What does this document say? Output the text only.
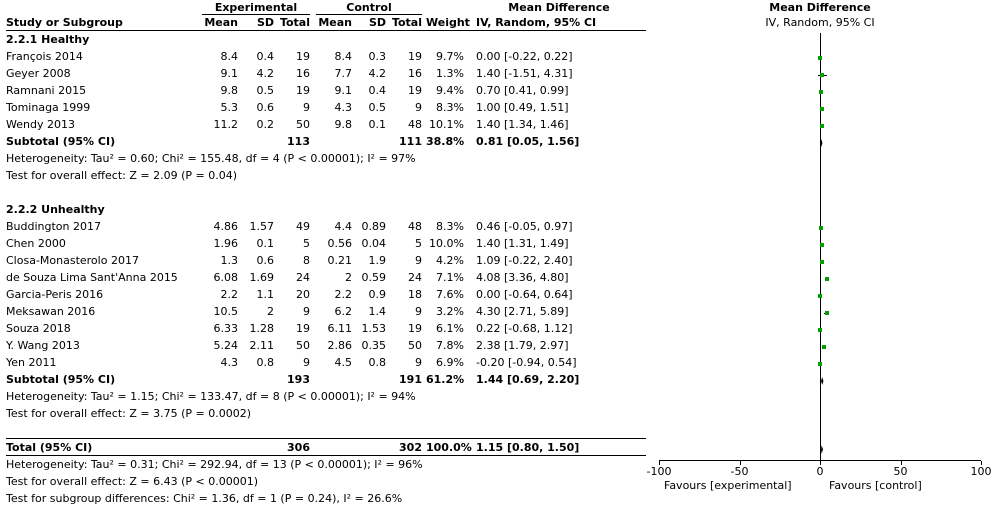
Experimental	Control	Mean Difference
Study or Subgroup	Mean	SD Total Mean	SD Total Weight IV, Random, 95% CI
2.2.1 Healthy
François 2014	8.4	0.4	19	8.4	0.3	19	9.7% 0.00 [-0.22, 0.22]
Geyer 2008	9.1	4.2	16	7.7	4.2	16	1.3% 1.40 [-1.51, 4.31]
Ramnani 2015	9.8	0.5	19	9.1	0.4	19	9.4% 0.70 [0.41, 0.99]
Tominaga 1999	5.3	0.6	9	4.3	0.5	9	8.3% 1.00 [0.49, 1.51]
Wendy 2013	11.2	0.2	50	9.8	0.1	48 10.1% 1.40 [1.34, 1.46]
Subtotal (95% CI)	113	111 38.8% 0.81 [0.05, 1.56]
Heterogeneity: Tau² = 0.60; Chi² = 155.48, df = 4 (P < 0.00001); I² = 97%
Test for overall effect: Z = 2.09 (P = 0.04)
2.2.2 Unhealthy
Buddington 2017	4.86	1.57	49	4.4 0.89	48	8.3% 0.46 [-0.05, 0.97]
Chen 2000	1.96	0.1	5	0.56 0.04	5 10.0% 1.40 [1.31, 1.49]
Closa-Monasterolo 2017	1.3	0.6	8	0.21	1.9	9	4.2% 1.09 [-0.22, 2.40]
de Souza Lima Sant'Anna 2015	6.08	1.69	24	2 0.59	24	7.1% 4.08 [3.36, 4.80]
Garcia-Peris 2016	2.2	1.1	20	2.2	0.9	18	7.6% 0.00 [-0.64, 0.64]
Meksawan 2016	10.5	2	9	6.2	1.4	9	3.2% 4.30 [2.71, 5.89]
Souza 2018	6.33	1.28	19	6.11 1.53	19	6.1% 0.22 [-0.68, 1.12]
Y. Wang 2013	5.24	2.11	50	2.86 0.35	50	7.8% 2.38 [1.79, 2.97]
Yen 2011	4.3	0.8	9	4.5	0.8	9	6.9% -0.20 [-0.94, 0.54]
Subtotal (95% CI)	193	191 61.2% 1.44 [0.69, 2.20]
Heterogeneity: Tau² = 1.15; Chi² = 133.47, df = 8 (P < 0.00001); I² = 94%
Test for overall effect: Z = 3.75 (P = 0.0002)
Total (95% CI)	306	302 100.0% 1.15 [0.80, 1.50]
Heterogeneity: Tau² = 0.31; Chi² = 292.94, df = 13 (P < 0.00001); I² = 96%
Test for overall effect: Z = 6.43 (P < 0.00001)
Test for subgroup differences: Chi² = 1.36, df = 1 (P = 0.24), I² = 26.6%
Mean Difference
IV, Random, 95% CI
-100	-50	0	50	100
Favours [experimental]	Favours [control]
